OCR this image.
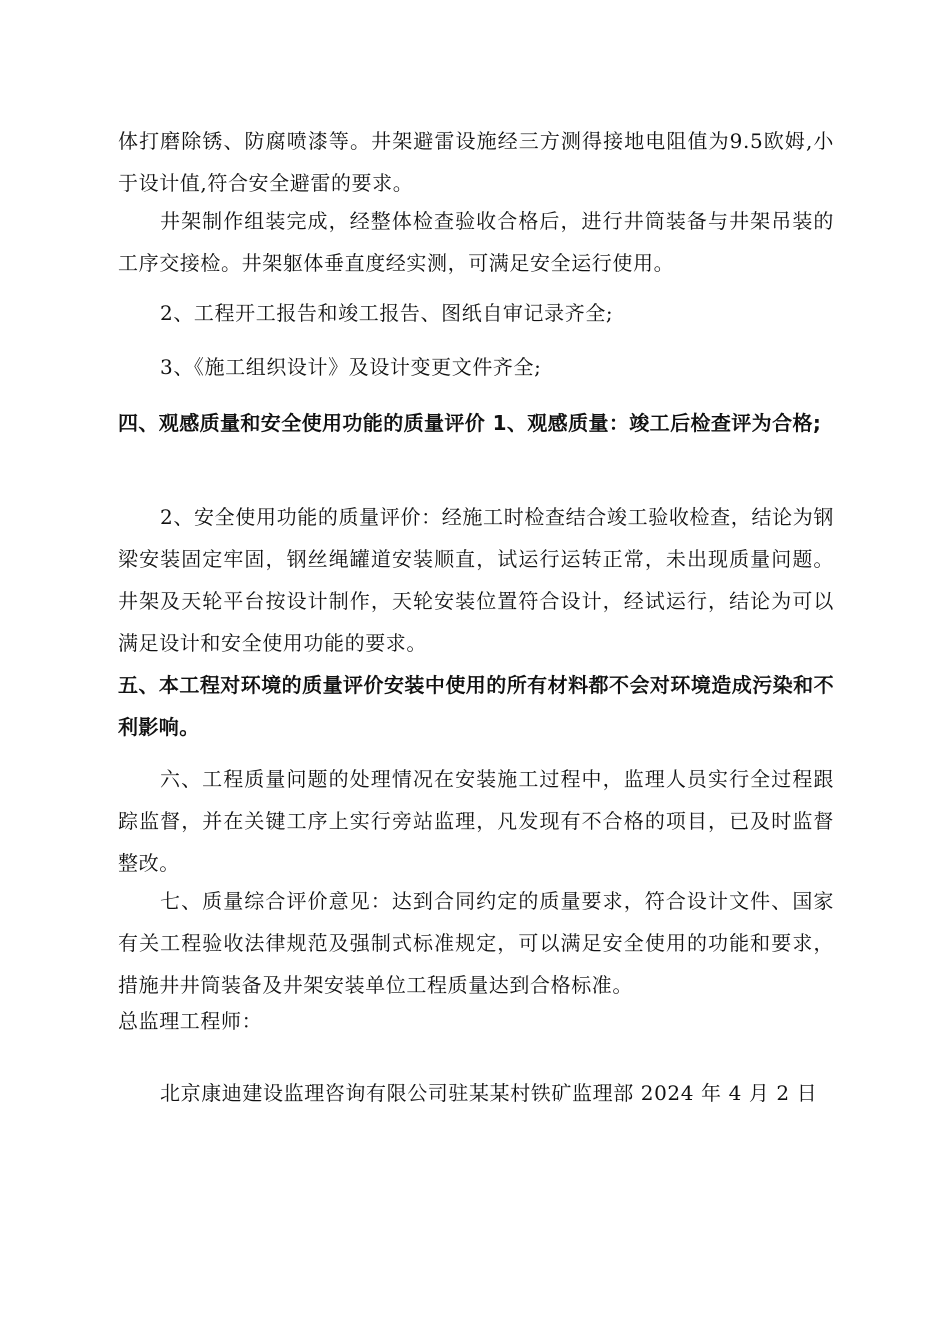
体打磨除锈、防腐喷漆等。井架避雷设施经三方测得接地电阻值为9.5欧姆,小于设计值,符合安全避雷的要求。

井架制作组装完成，经整体检查验收合格后，进行井筒装备与井架吊装的工序交接检。井架躯体垂直度经实测，可满足安全运行使用。

2、工程开工报告和竣工报告、图纸自审记录齐全;

3、《施工组织设计》及设计变更文件齐全;

四、观感质量和安全使用功能的质量评价 1、观感质量：竣工后检查评为合格;

2、安全使用功能的质量评价：经施工时检查结合竣工验收检查，结论为钢梁安装固定牢固，钢丝绳罐道安装顺直，试运行运转正常，未出现质量问题。井架及天轮平台按设计制作，天轮安装位置符合设计，经试运行，结论为可以满足设计和安全使用功能的要求。

五、本工程对环境的质量评价安装中使用的所有材料都不会对环境造成污染和不利影响。

六、工程质量问题的处理情况在安装施工过程中，监理人员实行全过程跟踪监督，并在关键工序上实行旁站监理，凡发现有不合格的项目，已及时监督整改。

七、质量综合评价意见：达到合同约定的质量要求，符合设计文件、国家有关工程验收法律规范及强制式标准规定，可以满足安全使用的功能和要求，措施井井筒装备及井架安装单位工程质量达到合格标准。

总监理工程师：

北京康迪建设监理咨询有限公司驻某某村铁矿监理部 2024 年 4 月 2 日
